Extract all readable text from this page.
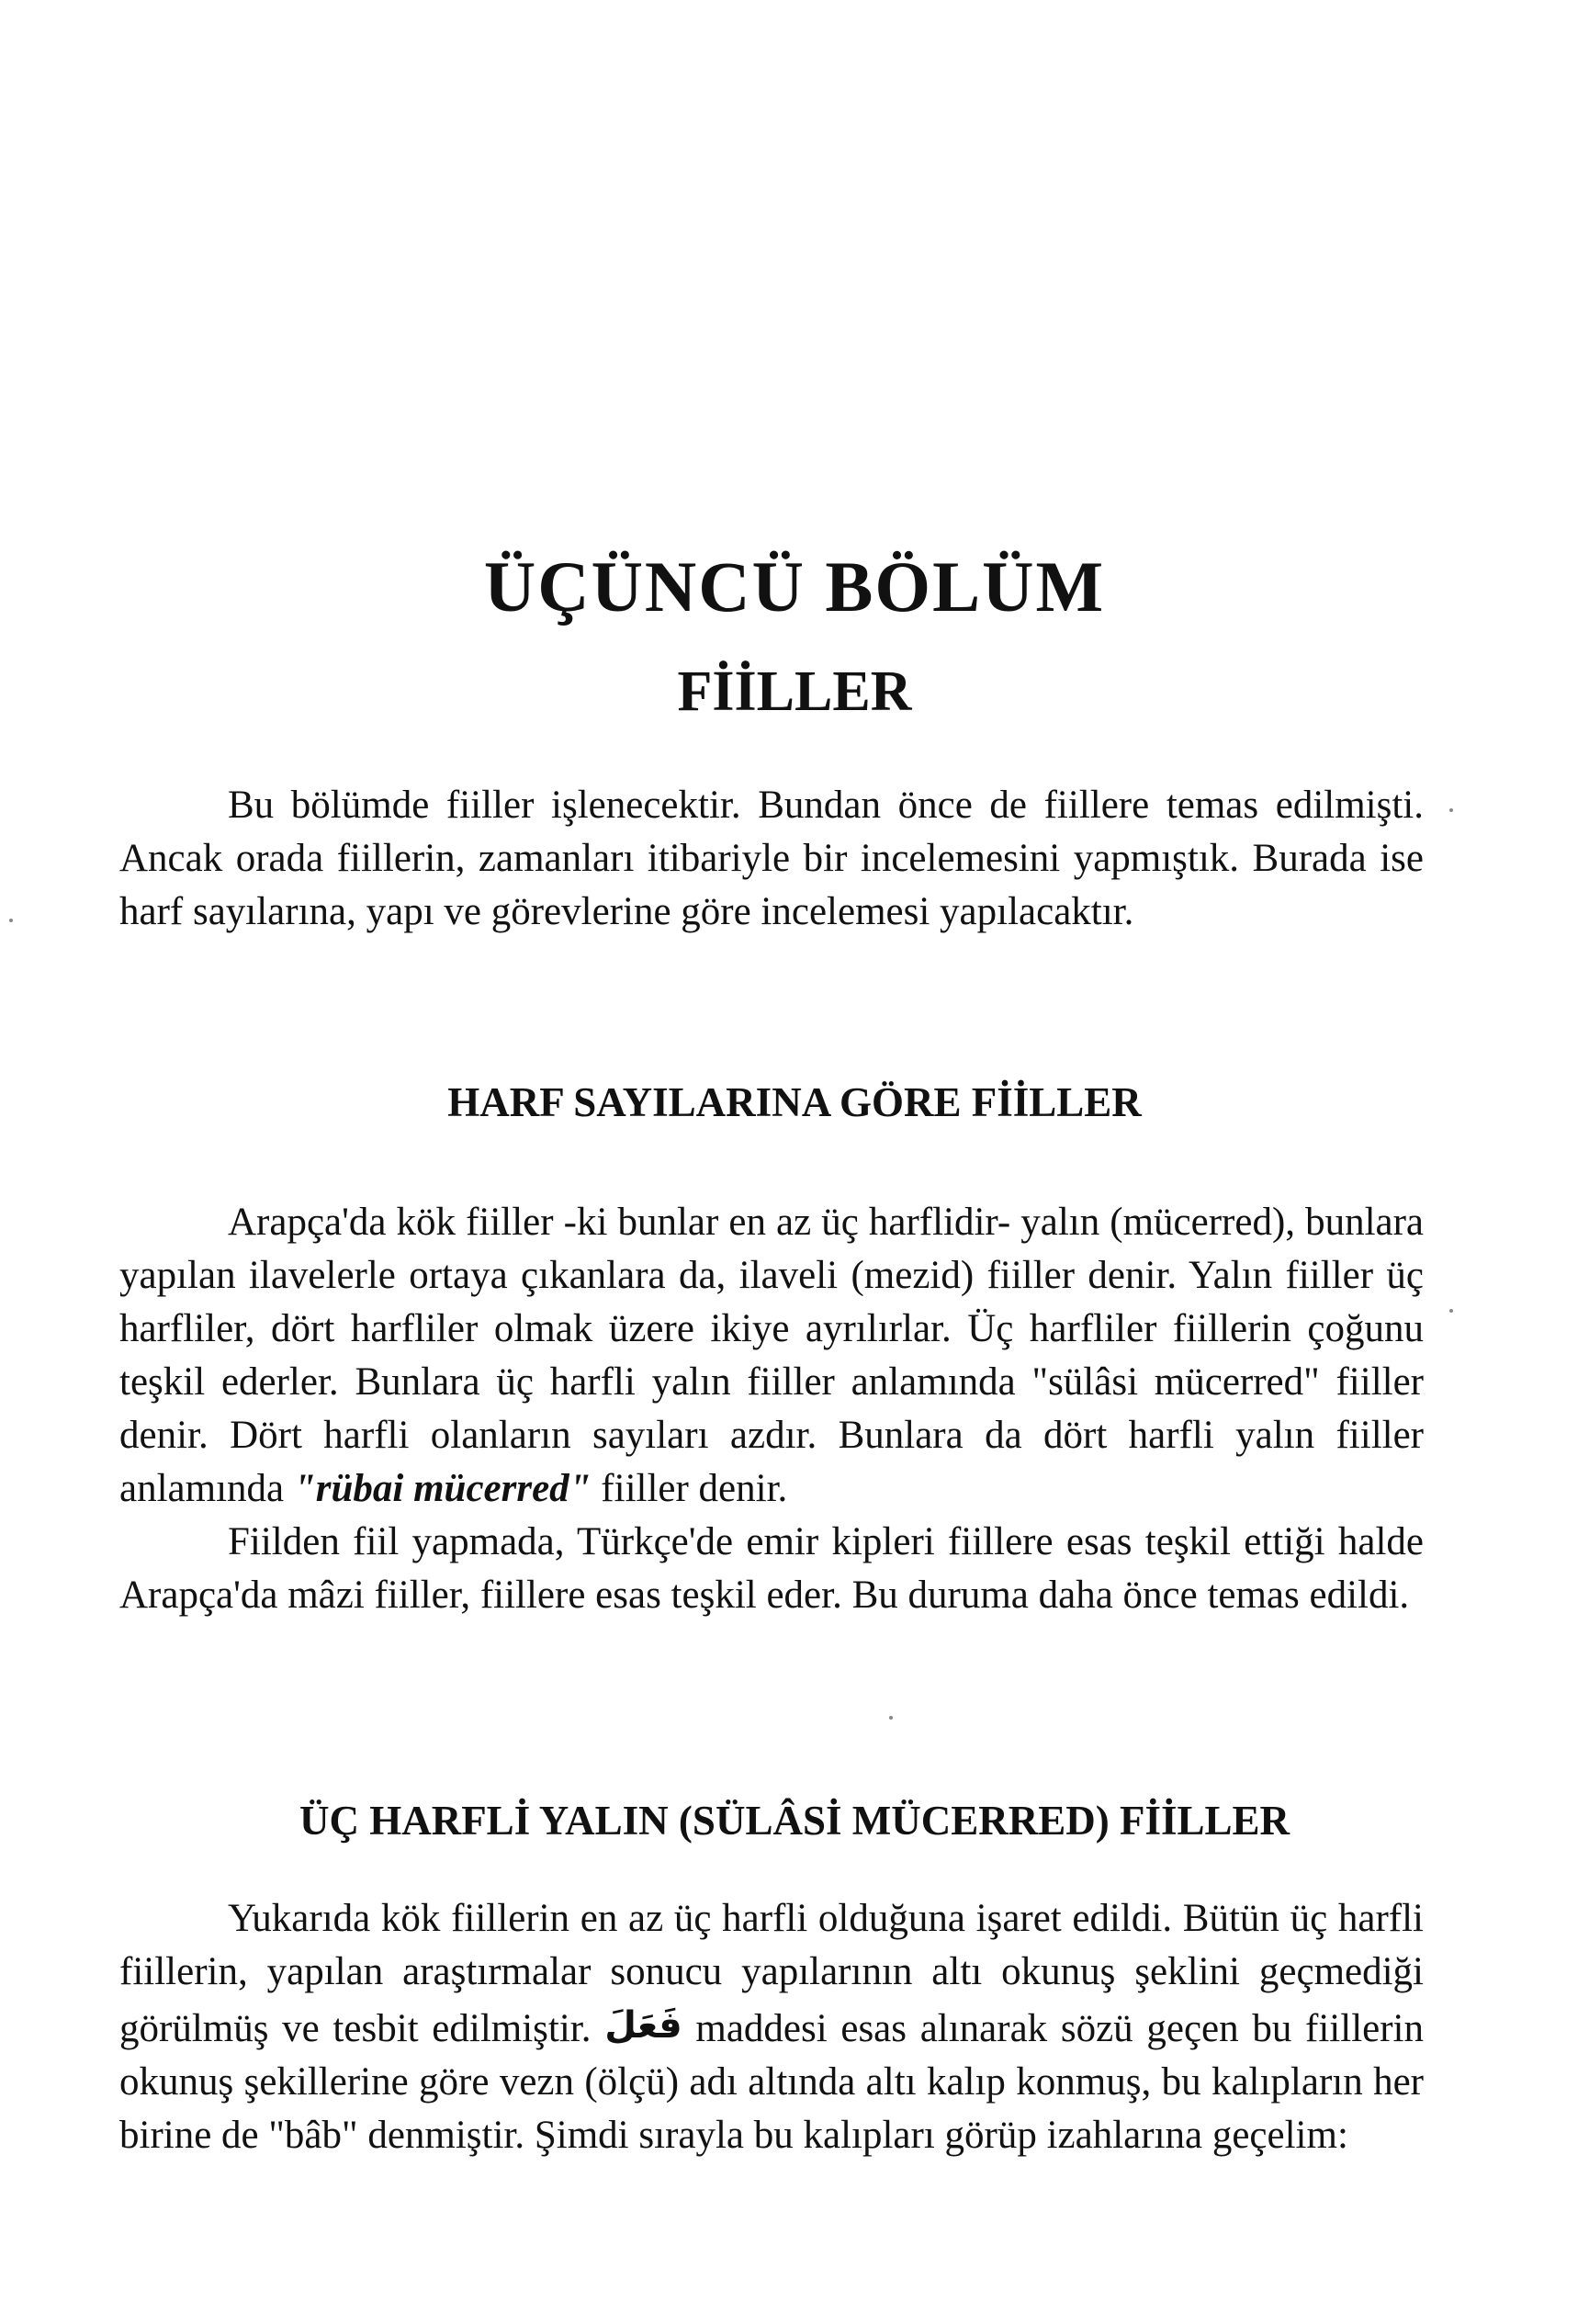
ÜÇÜNCÜ BÖLÜM
FİİLLER

Bu bölümde fiiller işlenecektir. Bundan önce de fiillere temas edilmişti. Ancak orada fiillerin, zamanları itibariyle bir incelemesini yapmıştık. Burada ise harf sayılarına, yapı ve görevlerine göre incelemesi yapılacaktır.

HARF SAYILARINA GÖRE FİİLLER

Arapça'da kök fiiller -ki bunlar en az üç harflidir- yalın (mücerred), bunlara yapılan ilavelerle ortaya çıkanlara da, ilaveli (mezid) fiiller denir. Yalın fiiller üç harfliler, dört harfliler olmak üzere ikiye ayrılırlar. Üç harfliler fiillerin çoğunu teşkil ederler. Bunlara üç harfli yalın fiiller anlamında "sülâsi mücerred" fiiller denir. Dört harfli olanların sayıları azdır. Bunlara da dört harfli yalın fiiller anlamında "rübai mücerred" fiiller denir.

Fiilden fiil yapmada, Türkçe'de emir kipleri fiillere esas teşkil ettiği halde Arapça'da mâzi fiiller, fiillere esas teşkil eder. Bu duruma daha önce temas edildi.

ÜÇ HARFLİ YALIN (SÜLÂSİ MÜCERRED) FİİLLER

Yukarıda kök fiillerin en az üç harfli olduğuna işaret edildi. Bütün üç harfli fiillerin, yapılan araştırmalar sonucu yapılarının altı okunuş şeklini geçmediği görülmüş ve tesbit edilmiştir. فَعَلَ maddesi esas alınarak sözü geçen bu fiillerin okunuş şekillerine göre vezn (ölçü) adı altında altı kalıp konmuş, bu kalıpların her birine de "bâb" denmiştir. Şimdi sırayla bu kalıpları görüp izahlarına geçelim:
